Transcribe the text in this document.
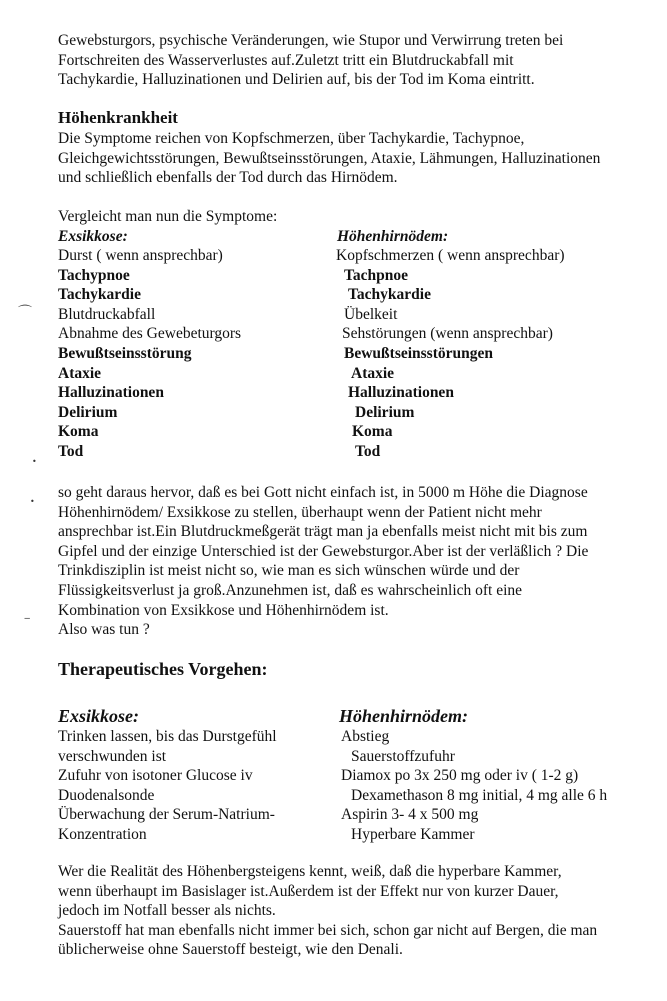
Gewebsturgors, psychische Veränderungen, wie Stupor und Verwirrung treten bei
Fortschreiten des Wasserverlustes auf.Zuletzt tritt ein Blutdruckabfall mit
Tachykardie, Halluzinationen und Delirien auf, bis der Tod im Koma eintritt.

Höhenkrankheit

Die Symptome reichen von Kopfschmerzen, über Tachykardie, Tachypnoe,
Gleichgewichtsstörungen, Bewußtseinsstörungen, Ataxie, Lähmungen, Halluzinationen
und schließlich ebenfalls der Tod durch das Hirnödem.

Vergleicht man nun die Symptome:

Exsikkose:	Höhenhirnödem:

Durst ( wenn ansprechbar)
Tachypnoe
Tachykardie
Blutdruckabfall
Abnahme des Gewebeturgors
Bewußtseinsstörung
Ataxie
Halluzinationen
Delirium
Koma
Tod
Kopfschmerzen ( wenn ansprechbar)
Tachpnoe
Tachykardie
Übelkeit
Sehstörungen (wenn ansprechbar)
Bewußtseinsstörungen
Ataxie
Halluzinationen
Delirium
Koma
Tod

so geht daraus hervor, daß es bei Gott nicht einfach ist, in 5000 m Höhe die Diagnose
Höhenhirnödem/ Exsikkose zu stellen, überhaupt wenn der Patient nicht mehr
ansprechbar ist.Ein Blutdruckmeßgerät trägt man ja ebenfalls meist nicht mit bis zum
Gipfel und der einzige Unterschied ist der Gewebsturgor.Aber ist der verläßlich ? Die
Trinkdisziplin ist meist nicht so, wie man es sich wünschen würde und der
Flüssigkeitsverlust ja groß.Anzunehmen ist, daß es wahrscheinlich oft eine
Kombination von Exsikkose und Höhenhirnödem ist.
Also was tun ?

Therapeutisches Vorgehen:

Exsikkose:	Höhenhirnödem:

Trinken lassen, bis das Durstgefühl
verschwunden ist
Zufuhr von isotoner Glucose iv
Duodenalsonde
Überwachung der Serum-Natrium-
Konzentration
Abstieg
Sauerstoffzufuhr
Diamox po 3x 250 mg oder iv ( 1-2 g)
Dexamethason 8 mg initial, 4 mg alle 6 h
Aspirin 3- 4 x 500 mg
Hyperbare Kammer

Wer die Realität des Höhenbergsteigens kennt, weiß, daß die hyperbare Kammer,
wenn überhaupt im Basislager ist.Außerdem ist der Effekt nur von kurzer Dauer,
jedoch im Notfall besser als nichts.
Sauerstoff hat man ebenfalls nicht immer bei sich, schon gar nicht auf Bergen, die man
üblicherweise ohne Sauerstoff besteigt, wie den Denali.

⌒
•
•
‒
